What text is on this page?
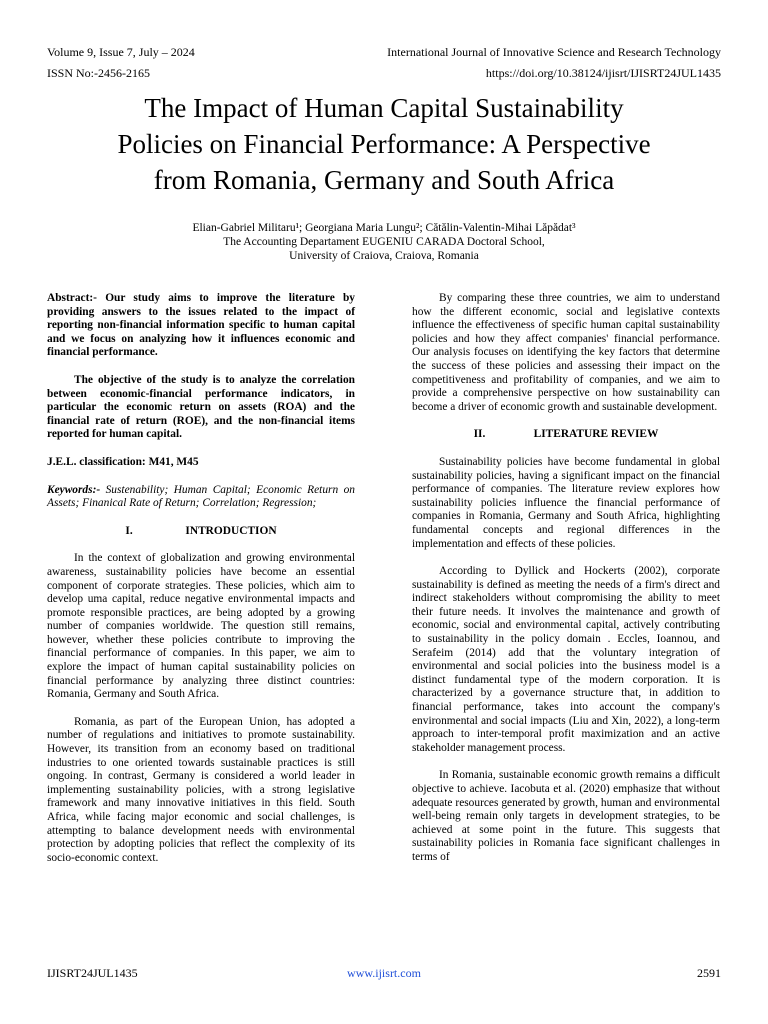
Volume 9, Issue 7, July – 2024	International Journal of Innovative Science and Research Technology
ISSN No:-2456-2165	https://doi.org/10.38124/ijisrt/IJISRT24JUL1435
The Impact of Human Capital Sustainability
Policies on Financial Performance: A Perspective
from Romania, Germany and South Africa
Elian-Gabriel Militaru¹; Georgiana Maria Lungu²; Cătălin-Valentin-Mihai Lăpădat³
The Accounting Departament EUGENIU CARADA Doctoral School,
University of Craiova, Craiova, Romania

Abstract:- Our study aims to improve the literature by providing answers to the issues related to the impact of reporting non-financial information specific to human capital and we focus on analyzing how it influences economic and financial performance.

The objective of the study is to analyze the correlation between economic-financial performance indicators, in particular the economic return on assets (ROA) and the financial rate of return (ROE), and the non-financial items reported for human capital.

J.E.L. classification: M41, M45

Keywords:- Sustenability; Human Capital; Economic Return on Assets; Finanical Rate of Return; Correlation; Regression;

I.	INTRODUCTION

In the context of globalization and growing environmental awareness, sustainability policies have become an essential component of corporate strategies. These policies, which aim to develop uma capital, reduce negative environmental impacts and promote responsible practices, are being adopted by a growing number of companies worldwide. The question still remains, however, whether these policies contribute to improving the financial performance of companies. In this paper, we aim to explore the impact of human capital sustainability policies on financial performance by analyzing three distinct countries: Romania, Germany and South Africa.

Romania, as part of the European Union, has adopted a number of regulations and initiatives to promote sustainability. However, its transition from an economy based on traditional industries to one oriented towards sustainable practices is still ongoing. In contrast, Germany is considered a world leader in implementing sustainability policies, with a strong legislative framework and many innovative initiatives in this field. South Africa, while facing major economic and social challenges, is attempting to balance development needs with environmental protection by adopting policies that reflect the complexity of its socio-economic context.

By comparing these three countries, we aim to understand how the different economic, social and legislative contexts influence the effectiveness of specific human capital sustainability policies and how they affect companies' financial performance. Our analysis focuses on identifying the key factors that determine the success of these policies and assessing their impact on the competitiveness and profitability of companies, and we aim to provide a comprehensive perspective on how sustainability can become a driver of economic growth and sustainable development.

II.	LITERATURE REVIEW

Sustainability policies have become fundamental in global sustainability policies, having a significant impact on the financial performance of companies. The literature review explores how sustainability policies influence the financial performance of companies in Romania, Germany and South Africa, highlighting fundamental concepts and regional differences in the implementation and effects of these policies.

According to Dyllick and Hockerts (2002), corporate sustainability is defined as meeting the needs of a firm's direct and indirect stakeholders without compromising the ability to meet their future needs. It involves the maintenance and growth of economic, social and environmental capital, actively contributing to sustainability in the policy domain . Eccles, Ioannou, and Serafeim (2014) add that the voluntary integration of environmental and social policies into the business model is a distinct fundamental type of the modern corporation. It is characterized by a governance structure that, in addition to financial performance, takes into account the company's environmental and social impacts (Liu and Xin, 2022), a long-term approach to inter-temporal profit maximization and an active stakeholder management process.

In Romania, sustainable economic growth remains a difficult objective to achieve. Iacobuta et al. (2020) emphasize that without adequate resources generated by growth, human and environmental well-being remain only targets in development strategies, to be achieved at some point in the future. This suggests that sustainability policies in Romania face significant challenges in terms of

IJISRT24JUL1435	www.ijisrt.com	2591
